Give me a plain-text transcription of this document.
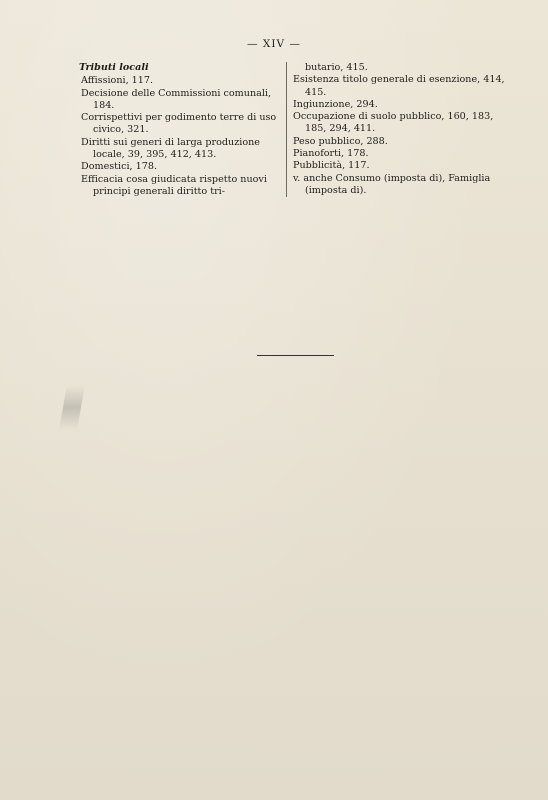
— XIV —
Tributi locali

Affissioni, 117.

Decisione delle Commissioni comunali, 184.

Corrispettivi per godimento terre di uso civico, 321.

Diritti sui generi di larga produzione locale, 39, 395, 412, 413.

Domestici, 178.

Efficacia cosa giudicata rispetto nuovi principi generali diritto tri-

butario, 415.

Esistenza titolo generale di esenzione, 414, 415.

Ingiunzione, 294.

Occupazione di suolo pubblico, 160, 183, 185, 294, 411.

Peso pubblico, 288.

Pianoforti, 178.

Pubblicità, 117.

v. anche Consumo (imposta di), Famiglia (imposta di).
